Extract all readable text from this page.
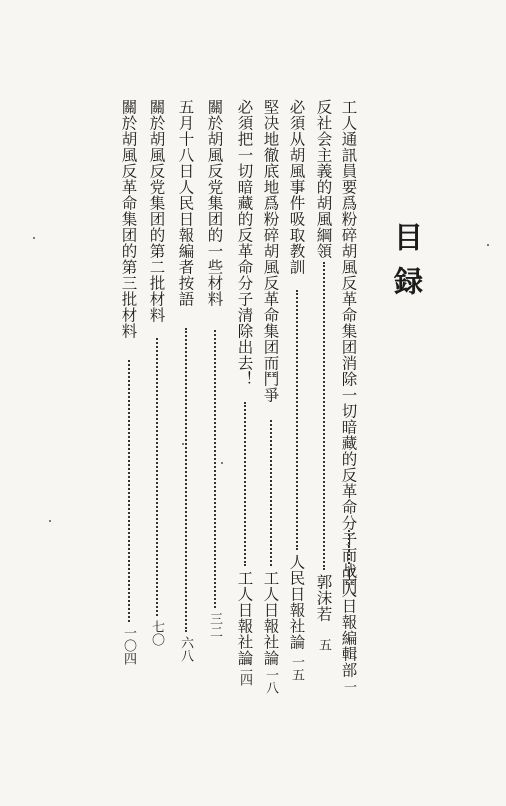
目録
工人通訊員要爲粉碎胡風反革命集团消除一切暗藏的反革命分子而战鬥
工人日報編輯部
一
反社会主義的胡風綱領
郭沫若
五
必須从胡風事件吸取教訓
人民日報社論
一五
堅决地徹底地爲粉碎胡風反革命集团而鬥爭
工人日報社論
一八
必須把一切暗藏的反革命分子清除出去！
工人日報社論
二四
關於胡風反党集团的一些材料
三二
五月十八日人民日報編者按語
六八
關於胡風反党集团的第二批材料
七〇
關於胡風反革命集团的第三批材料
一〇四
